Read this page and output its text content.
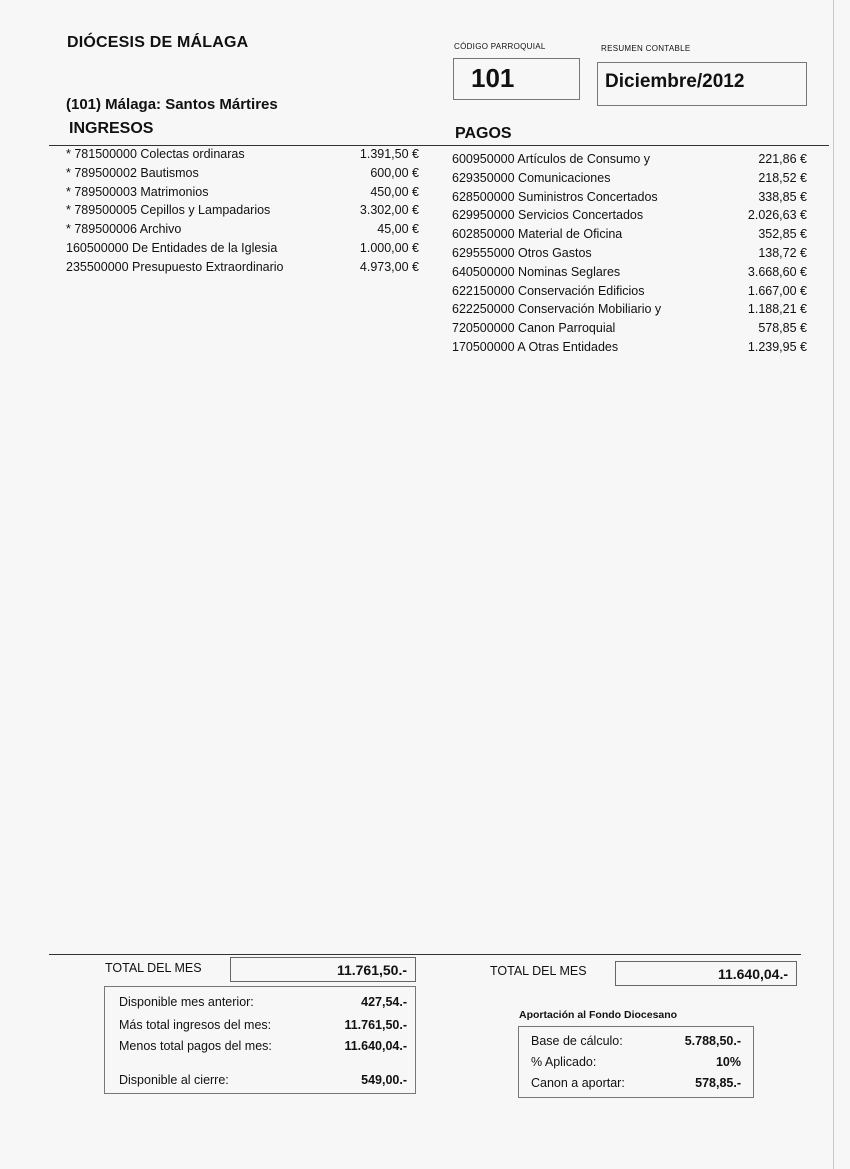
DIÓCESIS DE MÁLAGA	CÓDIGO PARROQUIAL
101
RESUMEN CONTABLE
Diciembre/2012
(101) Málaga: Santos Mártires
INGRESOS	PAGOS
* 781500000 Colectas ordinaras	1.391,50 €
* 789500002 Bautismos	600,00 €
* 789500003 Matrimonios	450,00 €
* 789500005 Cepillos y Lampadarios	3.302,00 €
* 789500006 Archivo	45,00 €
160500000 De Entidades de la Iglesia	1.000,00 €
235500000 Presupuesto Extraordinario	4.973,00 €
600950000 Artículos de Consumo y	221,86 €
629350000 Comunicaciones	218,52 €
628500000 Suministros Concertados	338,85 €
629950000 Servicios Concertados	2.026,63 €
602850000 Material de Oficina	352,85 €
629555000 Otros Gastos	138,72 €
640500000 Nominas Seglares	3.668,60 €
622150000 Conservación Edificios	1.667,00 €
622250000 Conservación Mobiliario y	1.188,21 €
720500000 Canon Parroquial	578,85 €
170500000 A Otras Entidades	1.239,95 €
TOTAL DEL MES	11.761,50.-	TOTAL DEL MES	11.640,04.-
Disponible mes anterior:	427,54.-
Más total ingresos del mes:	11.761,50.-
Menos total pagos del mes:	11.640,04.-
Disponible al cierre:	549,00.-
Aportación al Fondo Diocesano
Base de cálculo:	5.788,50.-
% Aplicado:	10%
Canon a aportar:	578,85.-
